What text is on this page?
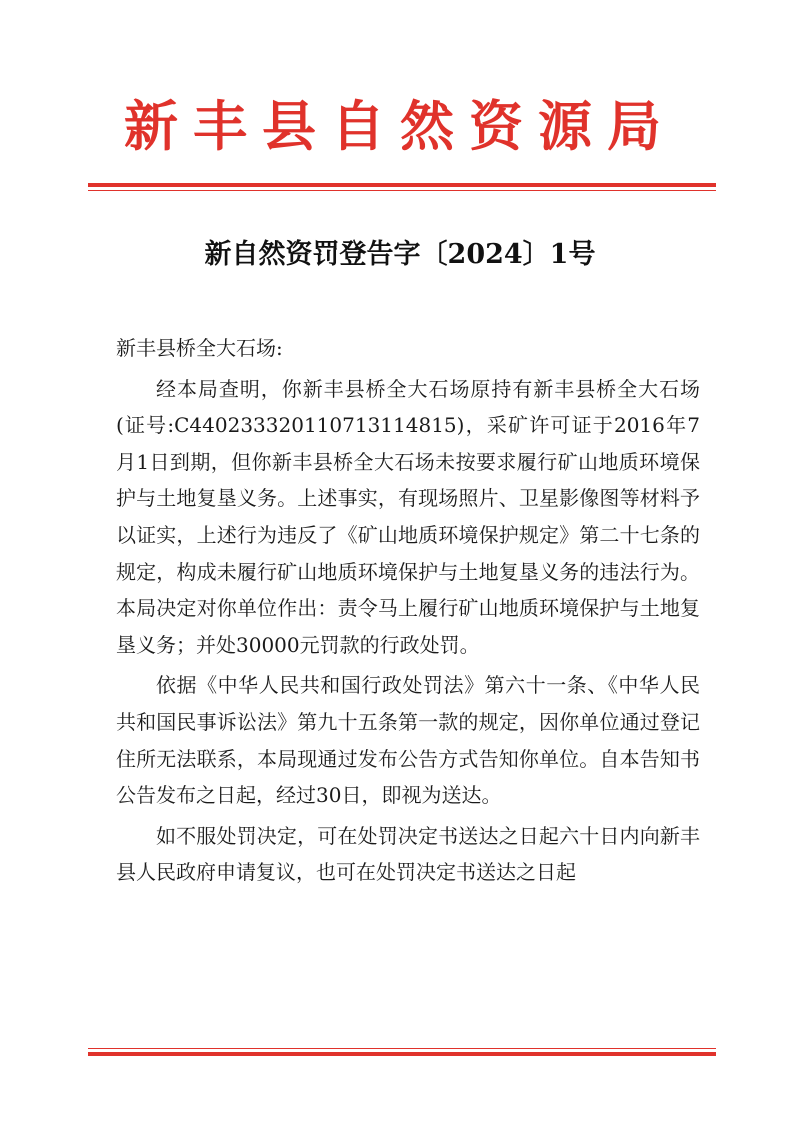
新丰县自然资源局
新自然资罚登告字〔2024〕1号

新丰县桥全大石场:

经本局查明，你新丰县桥全大石场原持有新丰县桥全大石场(证号:C4402333201107131148​15)，采矿许可证于2016年7月1日到期，但你新丰县桥全大石场未按要求履行矿山地质环境保护与土地复垦义务。上述事实，有现场照片、卫星影像图等材料予以证实，上述行为违反了《矿山地质环境保护规定》第二十七条的规定，构成未履行矿山地质环境保护与土地复垦义务的违法行为。本局决定对你单位作出：责令马上履行矿山地质环境保护与土地复垦义务；并处30000元罚款的行政处罚。

依据《中华人民共和国行政处罚法》第六十一条、《中华人民共和国民事诉讼法》第九十五条第一款的规定，因你单位通过登记住所无法联系，本局现通过发布公告方式告知你单位。自本告知书公告发布之日起，经过30日，即视为送达。

如不服处罚决定，可在处罚决定书送达之日起六十日内向新丰县人民政府申请复议，也可在处罚决定书送达之日起
